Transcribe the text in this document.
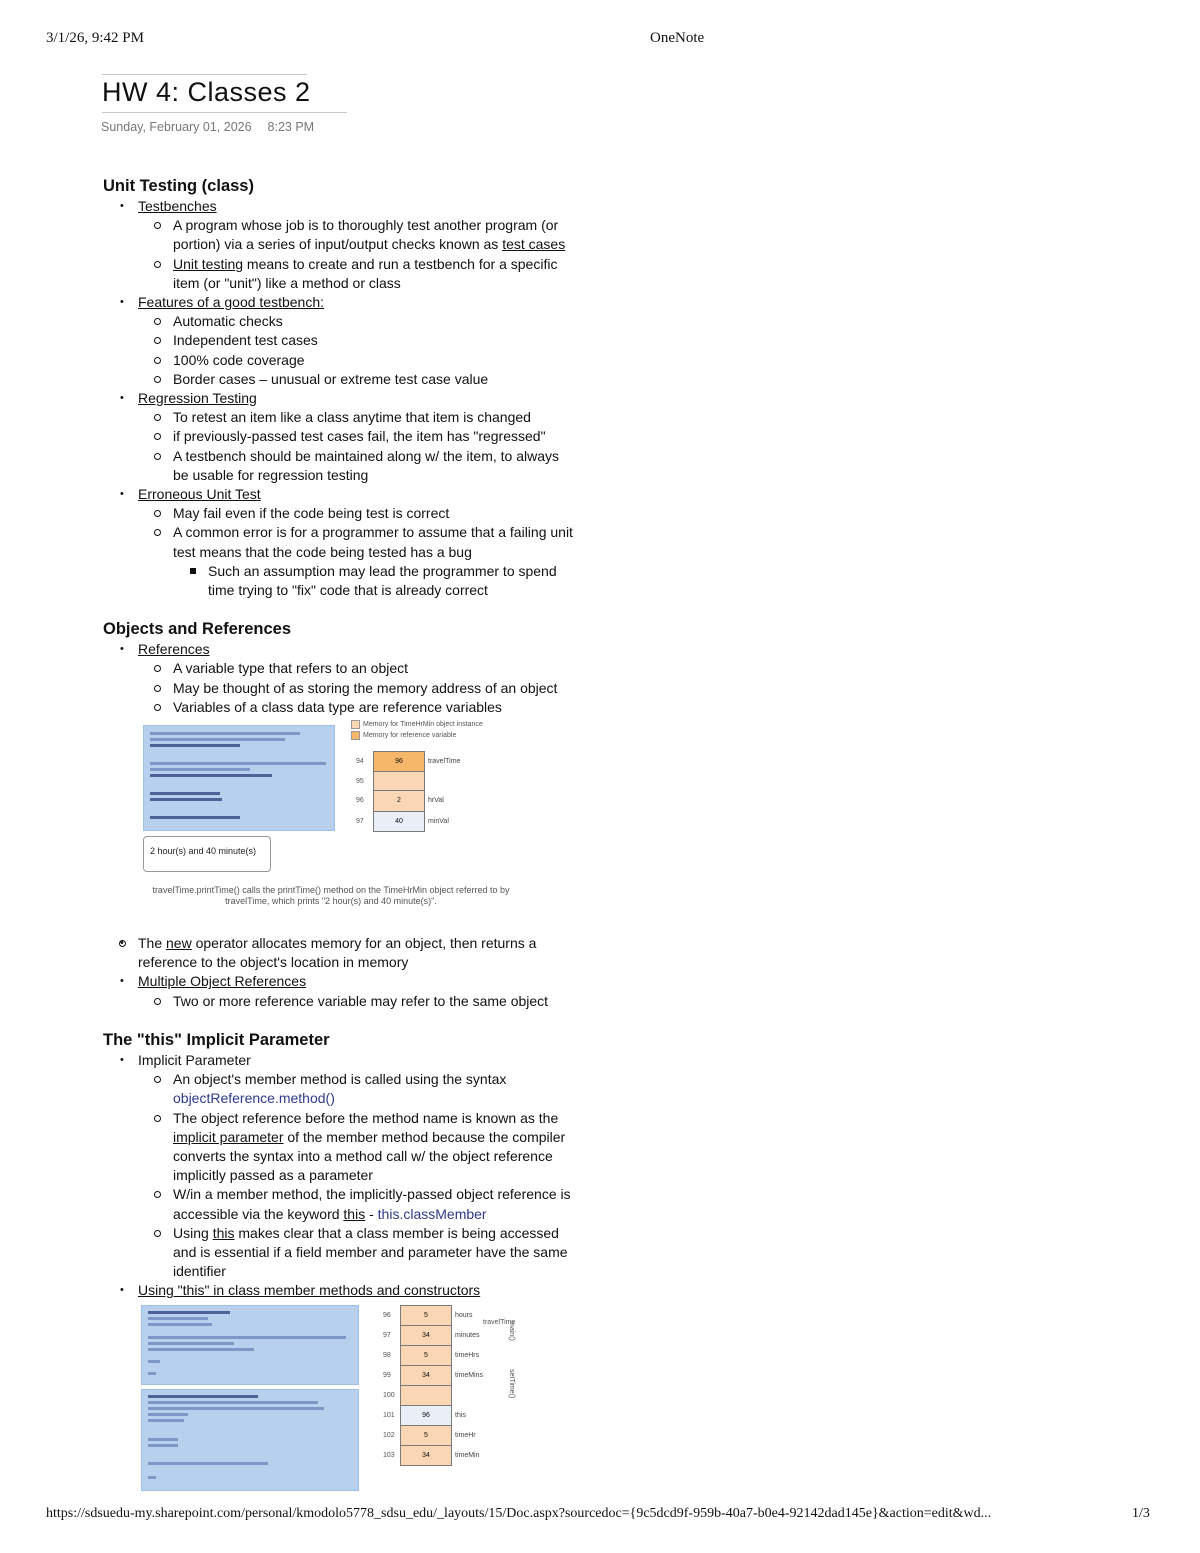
3/1/26, 9:42 PM	OneNote
HW 4: Classes 2
Sunday, February 01, 2026 8:23 PM
Unit Testing (class)
• Testbenches
A program whose job is to thoroughly test another program (or portion) via a series of input/output checks known as test cases
Unit testing means to create and run a testbench for a specific item (or "unit") like a method or class
• Features of a good testbench:
Automatic checks
Independent test cases
100% code coverage
Border cases – unusual or extreme test case value
• Regression Testing
To retest an item like a class anytime that item is changed
if previously-passed test cases fail, the item has "regressed"
A testbench should be maintained along w/ the item, to always be usable for regression testing
• Erroneous Unit Test
May fail even if the code being test is correct
A common error is for a programmer to assume that a failing unit test means that the code being tested has a bug
Such an assumption may lead the programmer to spend time trying to "fix" code that is already correct
Objects and References
• References
A variable type that refers to an object
May be thought of as storing the memory address of an object
Variables of a class data type are reference variables
Memory for TimeHrMin object instance
Memory for reference variable
94	96	travelTime
95		
96	2	hrVal
97	40	minVal
2 hour(s) and 40 minute(s)
travelTime.printTime() calls the printTime() method on the TimeHrMin object referred to by travelTime, which prints "2 hour(s) and 40 minute(s)".
• The new operator allocates memory for an object, then returns a reference to the object's location in memory
• Multiple Object References
Two or more reference variable may refer to the same object
The "this" Implicit Parameter
• Implicit Parameter
An object's member method is called using the syntax
objectReference.method()
The object reference before the method name is known as the implicit parameter of the member method because the compiler converts the syntax into a method call w/ the object reference implicitly passed as a parameter
W/in a member method, the implicitly-passed object reference is accessible via the keyword this - this.classMember
Using this makes clear that a class member is being accessed and is essential if a field member and parameter have the same identifier
• Using "this" in class member methods and constructors
96	5	hours
97	34	minutes
98	5	timeHrs
99	34	timeMins
100		
101	96	this
102	5	timeHr
103	34	timeMin
travelTime
main()
setTime()
https://sdsuedu-my.sharepoint.com/personal/kmodolo5778_sdsu_edu/_layouts/15/Doc.aspx?sourcedoc={9c5dcd9f-959b-40a7-b0e4-92142dad145e}&action=edit&wd...	1/3
